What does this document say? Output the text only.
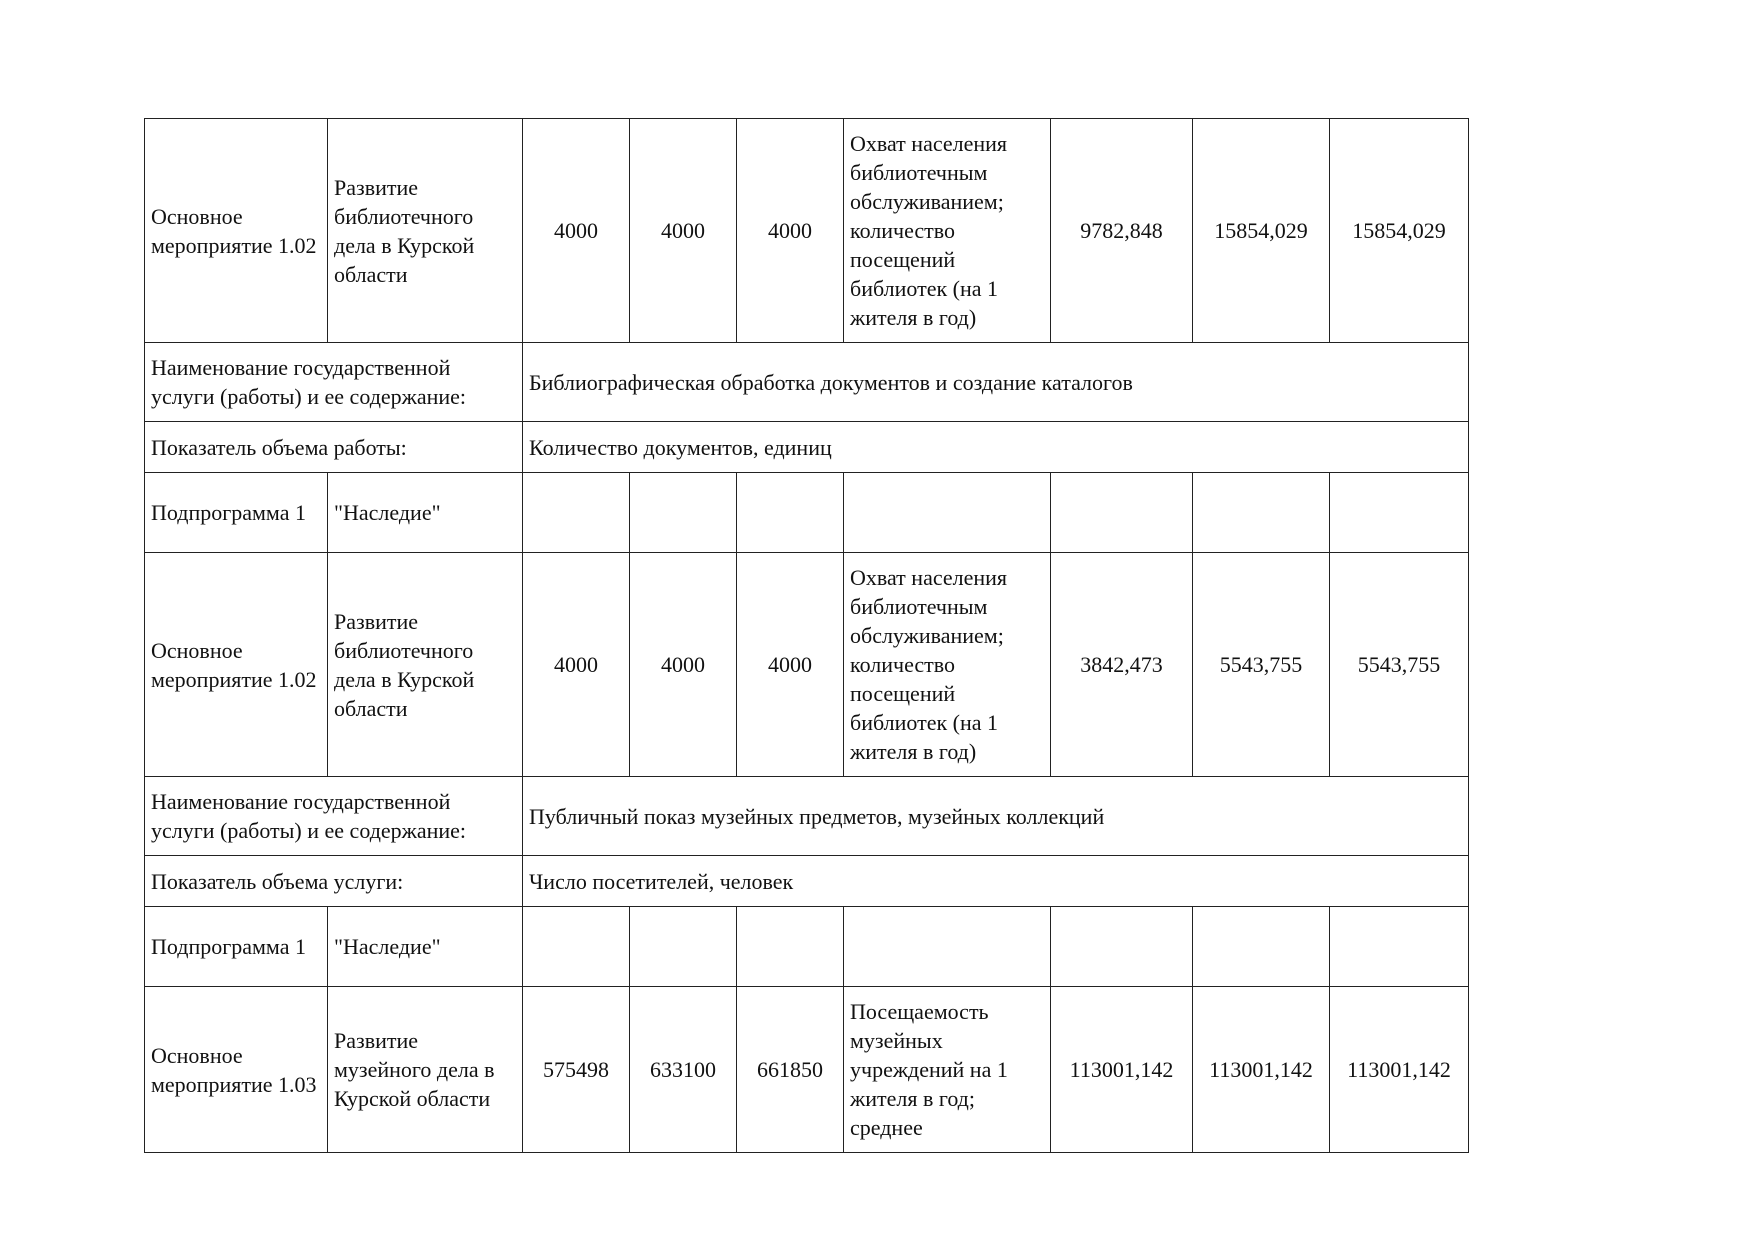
Основное мероприятие 1.02	Развитие библиотечного дела в Курской области	4000	4000	4000	Охват населения библиотечным обслуживанием; количество посещений библиотек (на 1 жителя в год)	9782,848	15854,029	15854,029
Наименование государственной услуги (работы) и ее содержание:		Библиографическая обработка документов и создание каталогов						
Показатель объема работы:		Количество документов, единиц						
Подпрограмма 1	"Наследие"							
Основное мероприятие 1.02	Развитие библиотечного дела в Курской области	4000	4000	4000	Охват населения библиотечным обслуживанием; количество посещений библиотек (на 1 жителя в год)	3842,473	5543,755	5543,755
Наименование государственной услуги (работы) и ее содержание:		Публичный показ музейных предметов, музейных коллекций						
Показатель объема услуги:		Число посетителей, человек						
Подпрограмма 1	"Наследие"							
Основное мероприятие 1.03	Развитие музейного дела в Курской области	575498	633100	661850	Посещаемость музейных учреждений на 1 жителя в год; среднее	113001,142	113001,142	113001,142
